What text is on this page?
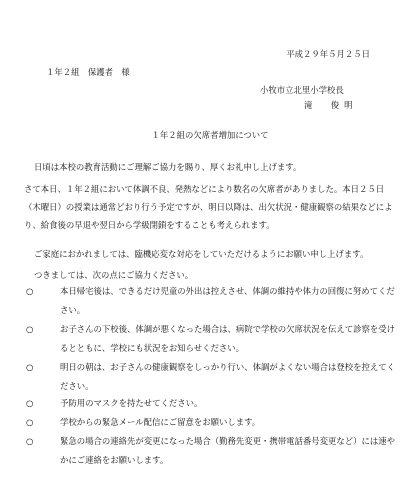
平成２９年５月２５日
１年２組　保護者　様
小牧市立北里小学校長
滝　俊明
１年２組の欠席者増加について

日頃は本校の教育活動にご理解ご協力を賜り、厚くお礼申し上げます。

さて本日、１年２組において体調不良、発熱などにより数名の欠席者がありました。本日２５日（木曜日）の授業は通常どおり行う予定ですが、明日以降は、出欠状況・健康観察の結果などにより、給食後の早退や翌日から学級閉鎖をすることも考えられます。

ご家庭におかれましては、臨機応変な対応をしていただけるようにお願い申し上げます。

つきましては、次の点にご協力ください。

○	本日帰宅後は、できるだけ児童の外出は控えさせ、体調の維持や体力の回復に努めてください。
○	お子さんの下校後、体調が悪くなった場合は、病院で学校の欠席状況を伝えて診察を受けるとともに、学校にも状況をお知らせください。
○	明日の朝は、お子さんの健康観察をしっかり行い、体調がよくない場合は登校を控えてください。
○	予防用のマスクを持たせてください。
○	学校からの緊急メール配信にご留意をお願いします。
○	緊急の場合の連絡先が変更になった場合（勤務先変更・携帯電話番号変更など）には速やかにご連絡をお願いします。
